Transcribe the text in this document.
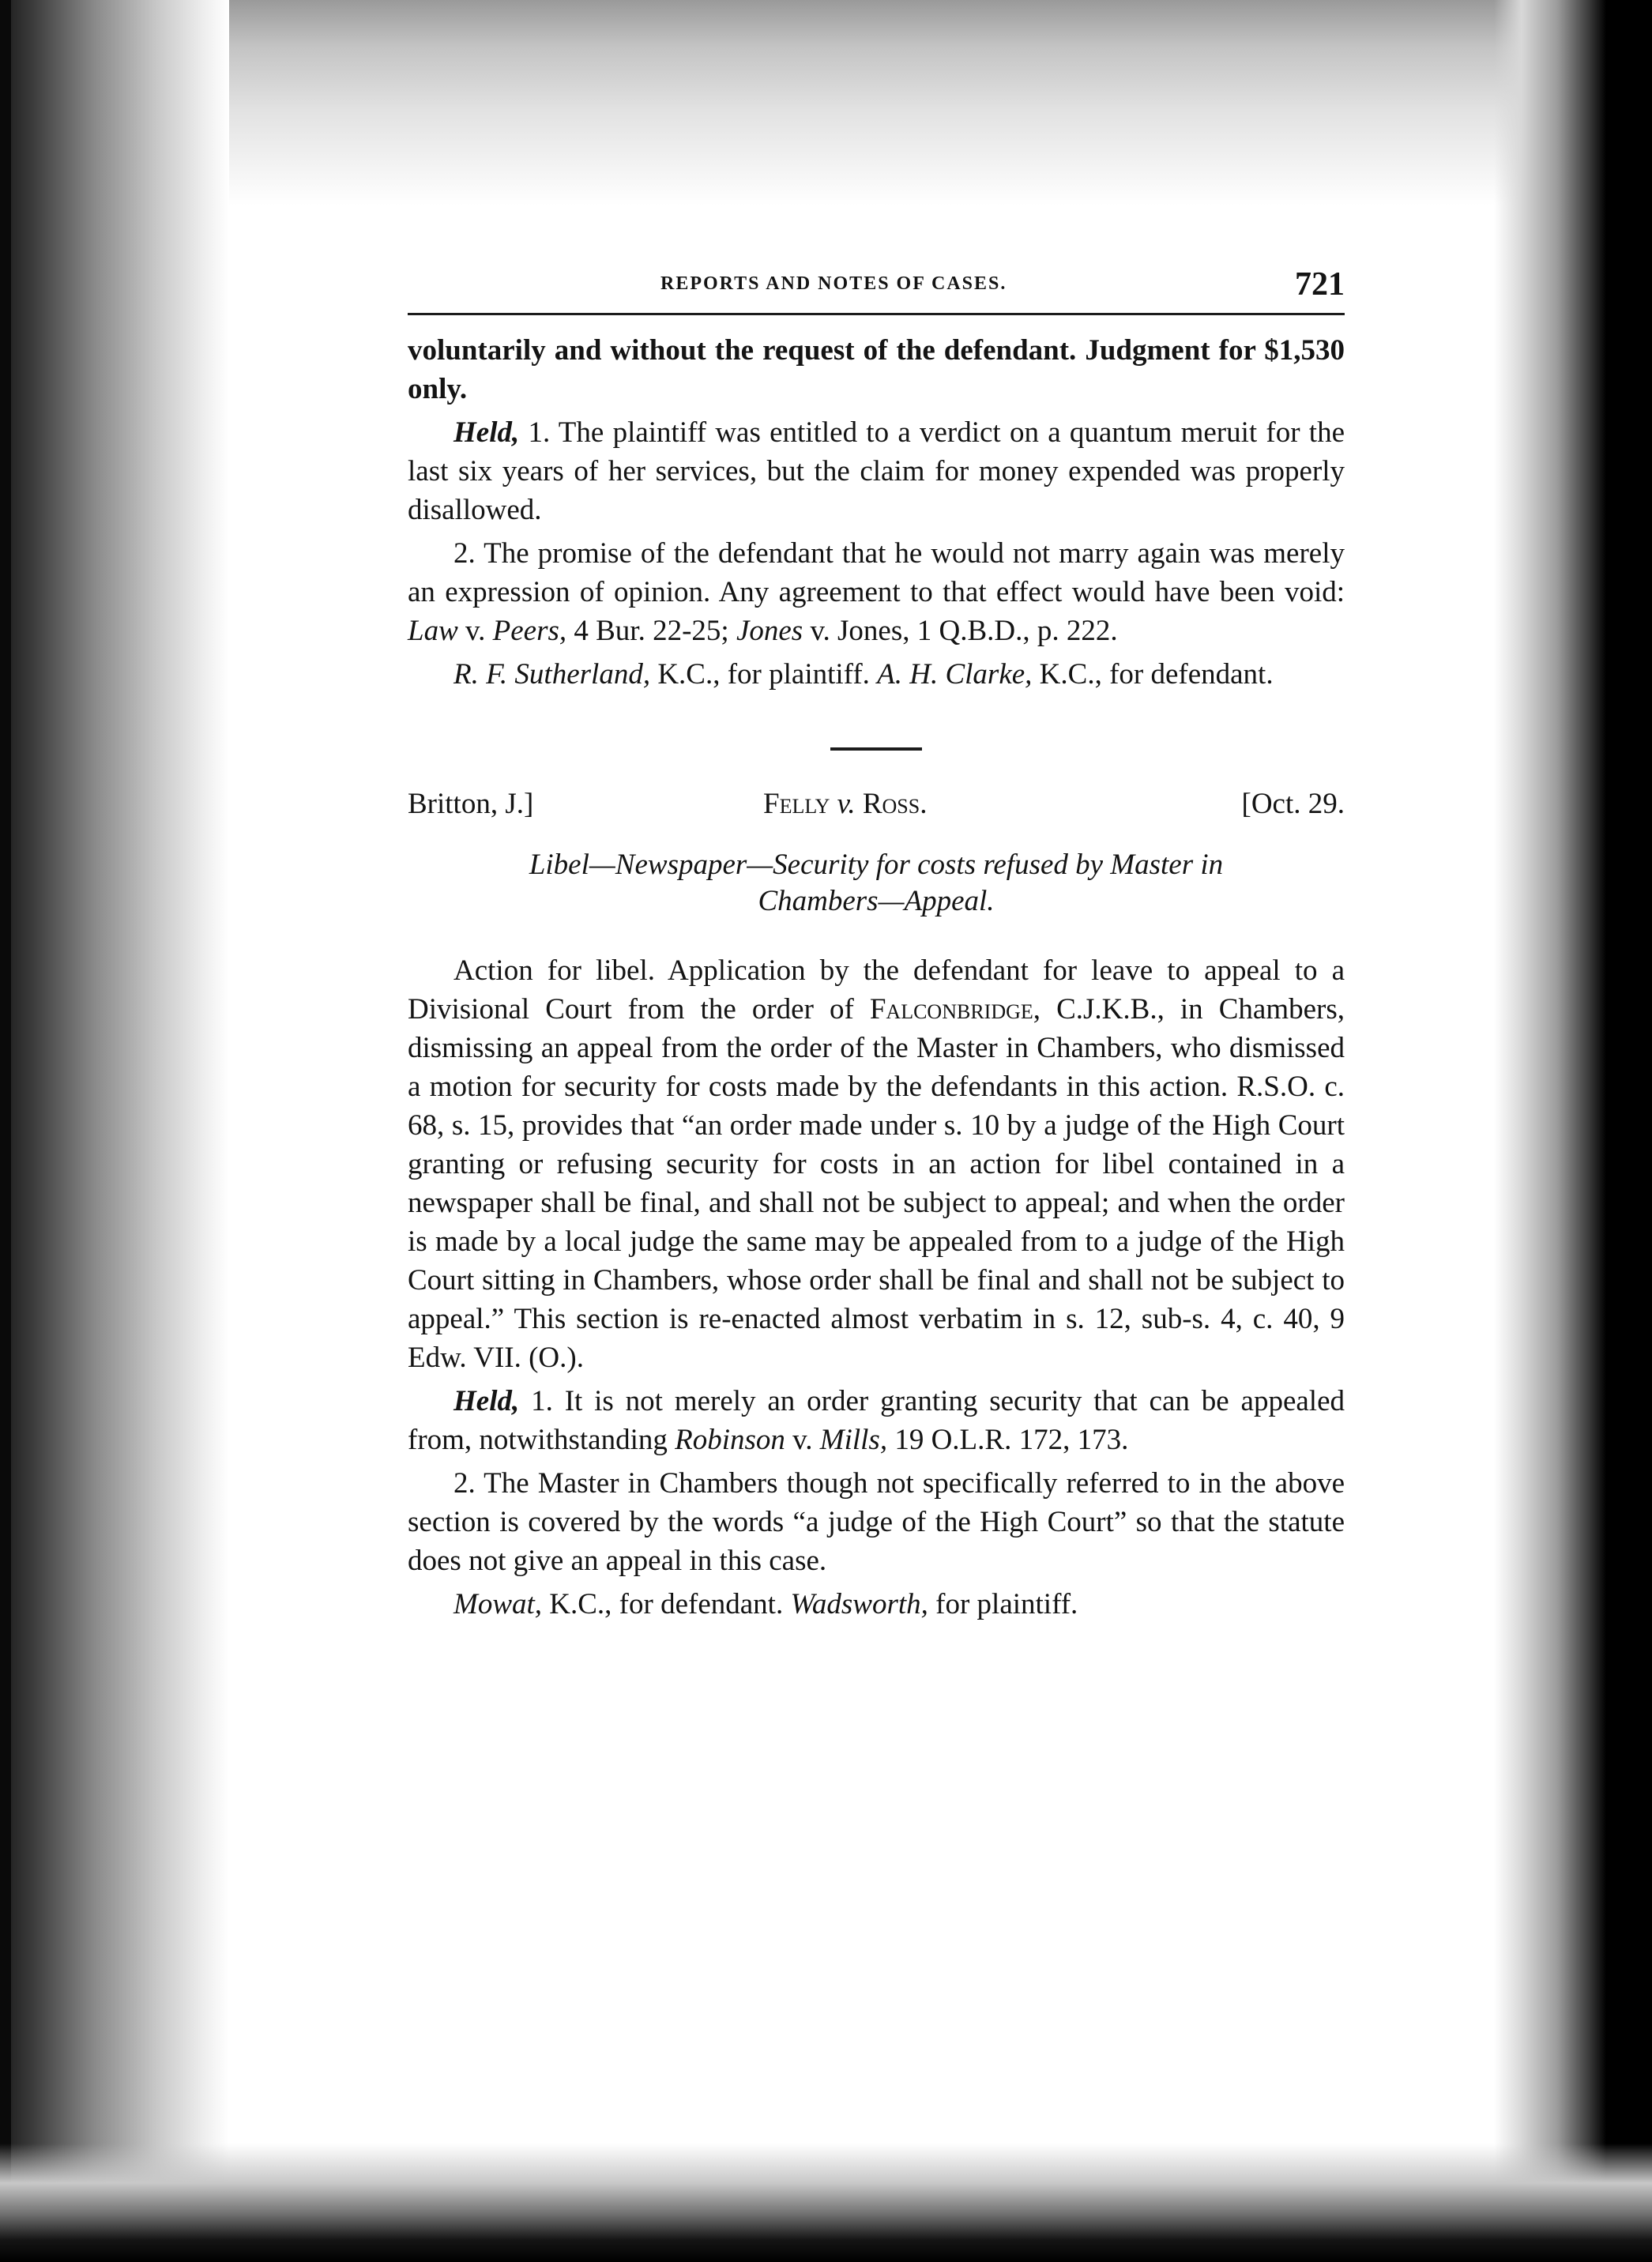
REPORTS AND NOTES OF CASES.	721

voluntarily and without the request of the defendant. Judgment for $1,530 only.

Held, 1. The plaintiff was entitled to a verdict on a quantum meruit for the last six years of her services, but the claim for money expended was properly disallowed.

2. The promise of the defendant that he would not marry again was merely an expression of opinion. Any agreement to that effect would have been void: Law v. Peers, 4 Bur. 22-25; Jones v. Jones, 1 Q.B.D., p. 222.

R. F. Sutherland, K.C., for plaintiff. A. H. Clarke, K.C., for defendant.

Britton, J.]	Felly v. Ross.	[Oct. 29.
Libel—Newspaper—Security for costs refused by Master in
Chambers—Appeal.

Action for libel. Application by the defendant for leave to appeal to a Divisional Court from the order of Falconbridge, C.J.K.B., in Chambers, dismissing an appeal from the order of the Master in Chambers, who dismissed a motion for security for costs made by the defendants in this action. R.S.O. c. 68, s. 15, provides that “an order made under s. 10 by a judge of the High Court granting or refusing security for costs in an action for libel contained in a newspaper shall be final, and shall not be subject to appeal; and when the order is made by a local judge the same may be appealed from to a judge of the High Court sitting in Chambers, whose order shall be final and shall not be subject to appeal.” This section is re-enacted almost verbatim in s. 12, sub-s. 4, c. 40, 9 Edw. VII. (O.).

Held, 1. It is not merely an order granting security that can be appealed from, notwithstanding Robinson v. Mills, 19 O.L.R. 172, 173.

2. The Master in Chambers though not specifically referred to in the above section is covered by the words “a judge of the High Court” so that the statute does not give an appeal in this case.

Mowat, K.C., for defendant. Wadsworth, for plaintiff.
